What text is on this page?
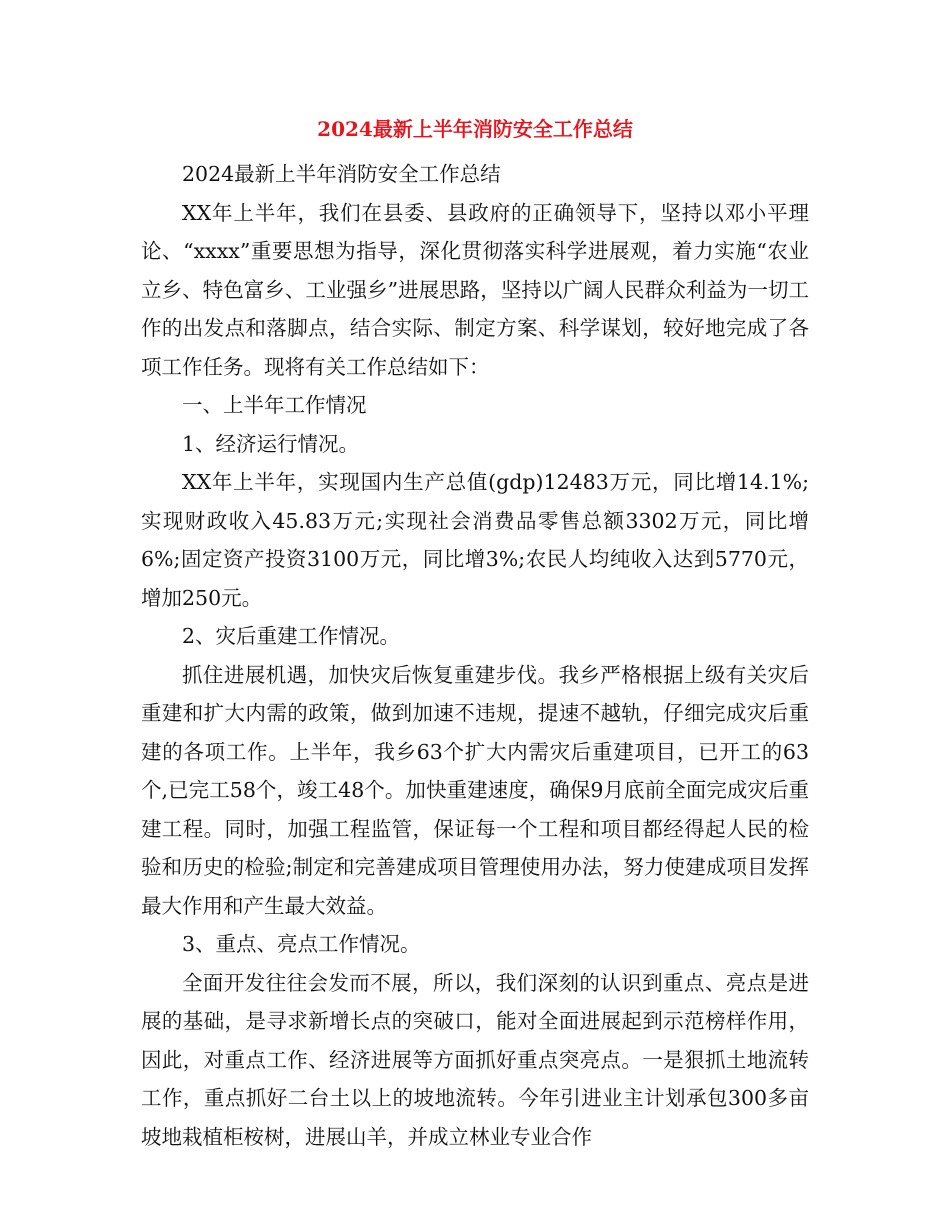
2024最新上半年消防安全工作总结

2024最新上半年消防安全工作总结

XX年上半年，我们在县委、县政府的正确领导下，坚持以邓小平理论、“xxxx”重要思想为指导，深化贯彻落实科学进展观，着力实施“农业立乡、特色富乡、工业强乡”进展思路，坚持以广阔人民群众利益为一切工作的出发点和落脚点，结合实际、制定方案、科学谋划，较好地完成了各项工作任务。现将有关工作总结如下：

一、上半年工作情况

1、经济运行情况。

XX年上半年，实现国内生产总值(gdp)12483万元，同比增14.1%;实现财政收入45.83万元;实现社会消费品零售总额3302万元，同比增6%;固定资产投资3100万元，同比增3%;农民人均纯收入达到5770元，增加250元。

2、灾后重建工作情况。

抓住进展机遇，加快灾后恢复重建步伐。我乡严格根据上级有关灾后重建和扩大内需的政策，做到加速不违规，提速不越轨，仔细完成灾后重建的各项工作。上半年，我乡63个扩大内需灾后重建项目，已开工的63个,已完工58个，竣工48个。加快重建速度，确保9月底前全面完成灾后重建工程。同时，加强工程监管，保证每一个工程和项目都经得起人民的检验和历史的检验;制定和完善建成项目管理使用办法，努力使建成项目发挥最大作用和产生最大效益。

3、重点、亮点工作情况。

全面开发往往会发而不展，所以，我们深刻的认识到重点、亮点是进展的基础，是寻求新增长点的突破口，能对全面进展起到示范榜样作用，因此，对重点工作、经济进展等方面抓好重点突亮点。一是狠抓土地流转工作，重点抓好二台土以上的坡地流转。今年引进业主计划承包300多亩坡地栽植柜桉树，进展山羊，并成立林业专业合作
